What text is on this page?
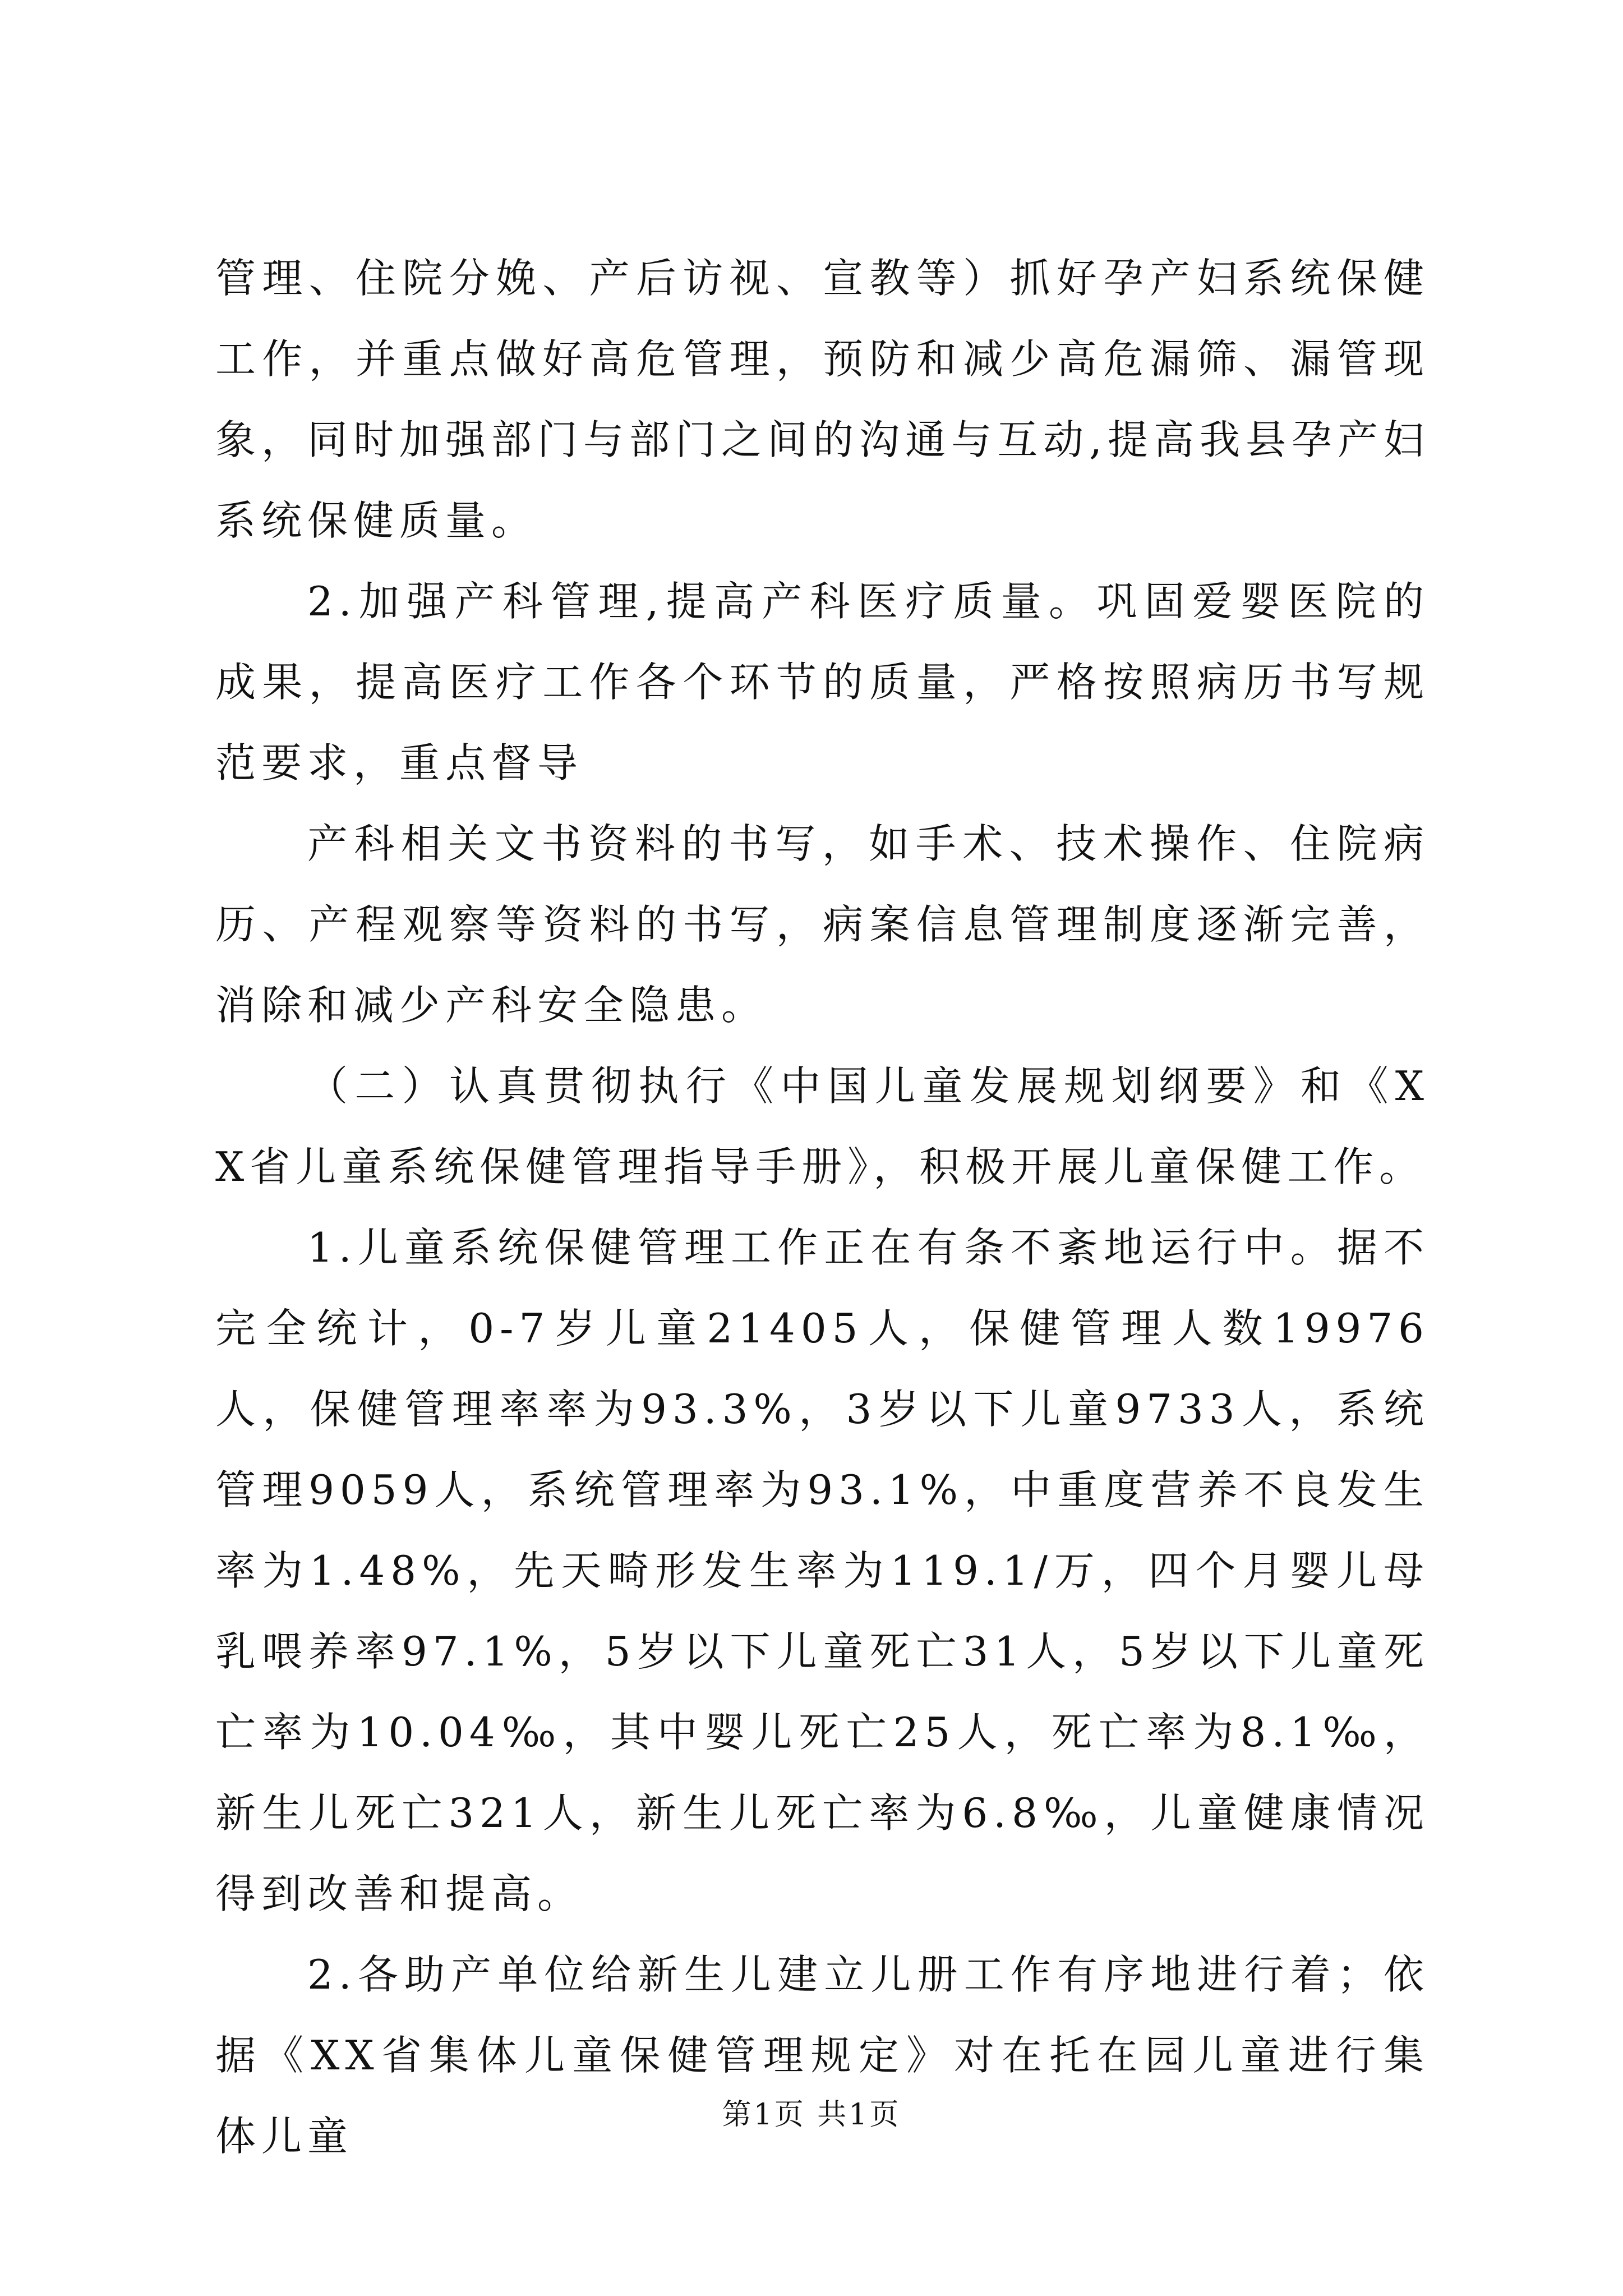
管理、住院分娩、产后访视、宣教等）抓好孕产妇系统保健工作，并重点做好高危管理，预防和减少高危漏筛、漏管现象，同时加强部门与部门之间的沟通与互动,提高我县孕产妇系统保健质量。

2.加强产科管理,提高产科医疗质量。巩固爱婴医院的成果，提高医疗工作各个环节的质量，严格按照病历书写规范要求，重点督导

产科相关文书资料的书写，如手术、技术操作、住院病历、产程观察等资料的书写，病案信息管理制度逐渐完善，消除和减少产科安全隐患。

（二）认真贯彻执行《中国儿童发展规划纲要》和《XX省儿童系统保健管理指导手册》，积极开展儿童保健工作。

1.儿童系统保健管理工作正在有条不紊地运行中。据不完全统计，0-7岁儿童21405人，保健管理人数19976人，保健管理率率为93.3%，3岁以下儿童9733人，系统管理9059人，系统管理率为93.1%，中重度营养不良发生率为1.48%，先天畸形发生率为119.1/万，四个月婴儿母乳喂养率97.1%，5岁以下儿童死亡31人，5岁以下儿童死亡率为10.04‰，其中婴儿死亡25人，死亡率为8.1‰，新生儿死亡321人，新生儿死亡率为6.8‰，儿童健康情况得到改善和提高。

2.各助产单位给新生儿建立儿册工作有序地进行着；依据《XX省集体儿童保健管理规定》对在托在园儿童进行集体儿童	第1页 共1页
